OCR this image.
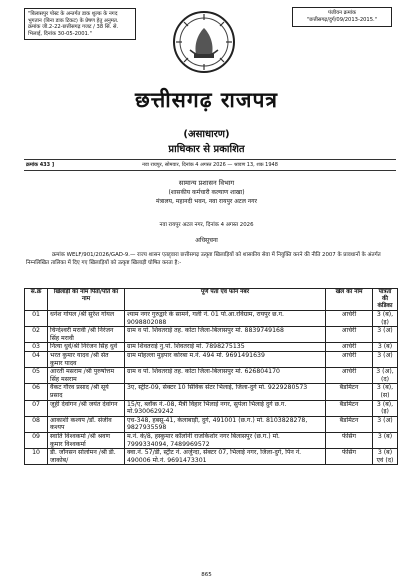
"बिलासपुर पोस्ट के अन्तर्गत डाक शुल्क के नगद भुगतान (बिना डाक टिकट) के प्रेषण हेतु अनुमत. क्रमांक जी.2-22-छत्तीसगढ़ गजट / 38 सि. से. भिलाई, दिनांक 30-05-2001."
पंजीयन क्रमांक
"छत्तीसगढ़/दुर्ग/09/2013-2015."
छत्तीसगढ़ राजपत्र
(असाधारण)
प्राधिकार से प्रकाशित
नवा रायपुर, सोमवार, दिनांक 4 अगस्त 2026 — श्रावण 13, शक 1948
क्रमांक 433 ]
सामान्य प्रशासन विभाग
(शासकीय कर्मचारी कल्याण शाखा)
मंत्रालय, महानदी भवन, नवा रायपुर अटल नगर
नवा रायपुर अटल नगर, दिनांक 4 अगस्त 2026
अधिसूचना
क्रमांक WELF/901/2026/GAD-9.— राज्य शासन एतद्द्वारा छत्तीसगढ़ उत्कृष्ट खिलाड़ियों को शासकीय सेवा में नियुक्ति करने की नीति 2007 के प्रावधानों के अंतर्गत निम्नलिखित तालिका में दिए गए खिलाड़ियों को उत्कृष्ट खिलाड़ी घोषित करता है:-
स.क्र	खिलाड़ी का नाम पिता/पति का नाम	पूर्ण पता एवं फोन नंबर	खेल का नाम	पात्रता की कंडिका
01	धनेश गोयल /श्री सुरेश गोयल	श्याम नगर गुरुद्वारे के सामने, गली नं. 01 पो.आ.रविग्राम, रायपुर छ.ग. 9098802088	आर्चरी	3 (ब), (इ)
02	चिन्देश्वरी मरावी /श्री निरंजन सिंह मरावी	ग्राम व पो. शिवतराई तह. कोटा जिला-बिलासपुर मो. 8839749168	आर्चरी	3 (अ)
03	नित्या धुर्वे/श्री निरंजन सिंह धुर्वे	ग्राम शिवतराई नु.पो. शिवतराई मो. 7898275135	आर्चरी	3 (ब)
04	भरत कुमार यादव /श्री सेत कुमार यादव	ग्राम मोहल्ला मुड़पार कोरबा म.नं. 494 मो. 9691491639	आर्चरी	3 (अ)
05	आरती मसराम /श्री पुरुषोत्तम सिंह मसराम	ग्राम व पो. शिवतराई तह. कोटा जिला-बिलासपुर मो. 626804170	आर्चरी	3 (अ), (द)
06	वैंकट गौरव प्रसाद /श्री सूर्य प्रसाद	3ए, स्ट्रीट-09, सेक्टर 10 सिविक सेंटर भिलाई, जिला-दुर्ग मो. 9229280573	बैडमिंटन	3 (ब), (स)
07	जूही देवांगन /श्री जयंत देवांगन	15/ए, ब्लॉक नं.-08, मैत्री विहार भिलाई नगर, सुपेला भिलाई दुर्ग छ.ग. मो.9300629242	बैडमिंटन	3 (ब), (इ)
08	आकाशी कश्यप /डॉ. संजीव कश्यप	एच-348, हबसू-41, केलाबाड़ी, दुर्ग, 491001 (छ.ग.) मो. 8103828278, 9827935598	बैडमिंटन	3 (अ)
09	स्वाति विश्वकर्मा /श्री श्रवण कुमार विश्वकर्मा	म.नं. के/8, हस्कुमार कॉलोनी राजकिशोर नगर बिलासपुर (छ.ग.) मो. 7999334094, 7489969572	फेंसिंग	3 (ब)
10	डी. जॉनसन सोलोमन /श्री डी. जाकोब/	क्वा.नं. 57/डी, स्ट्रीट नं. अर्जुन्दा, सेक्टर 07, भिलाई नगर, जिला-दुर्ग, पिन नं. 490006 मो.नं. 9691473301	फेंसिंग	3 (ब) एवं (द)
865
